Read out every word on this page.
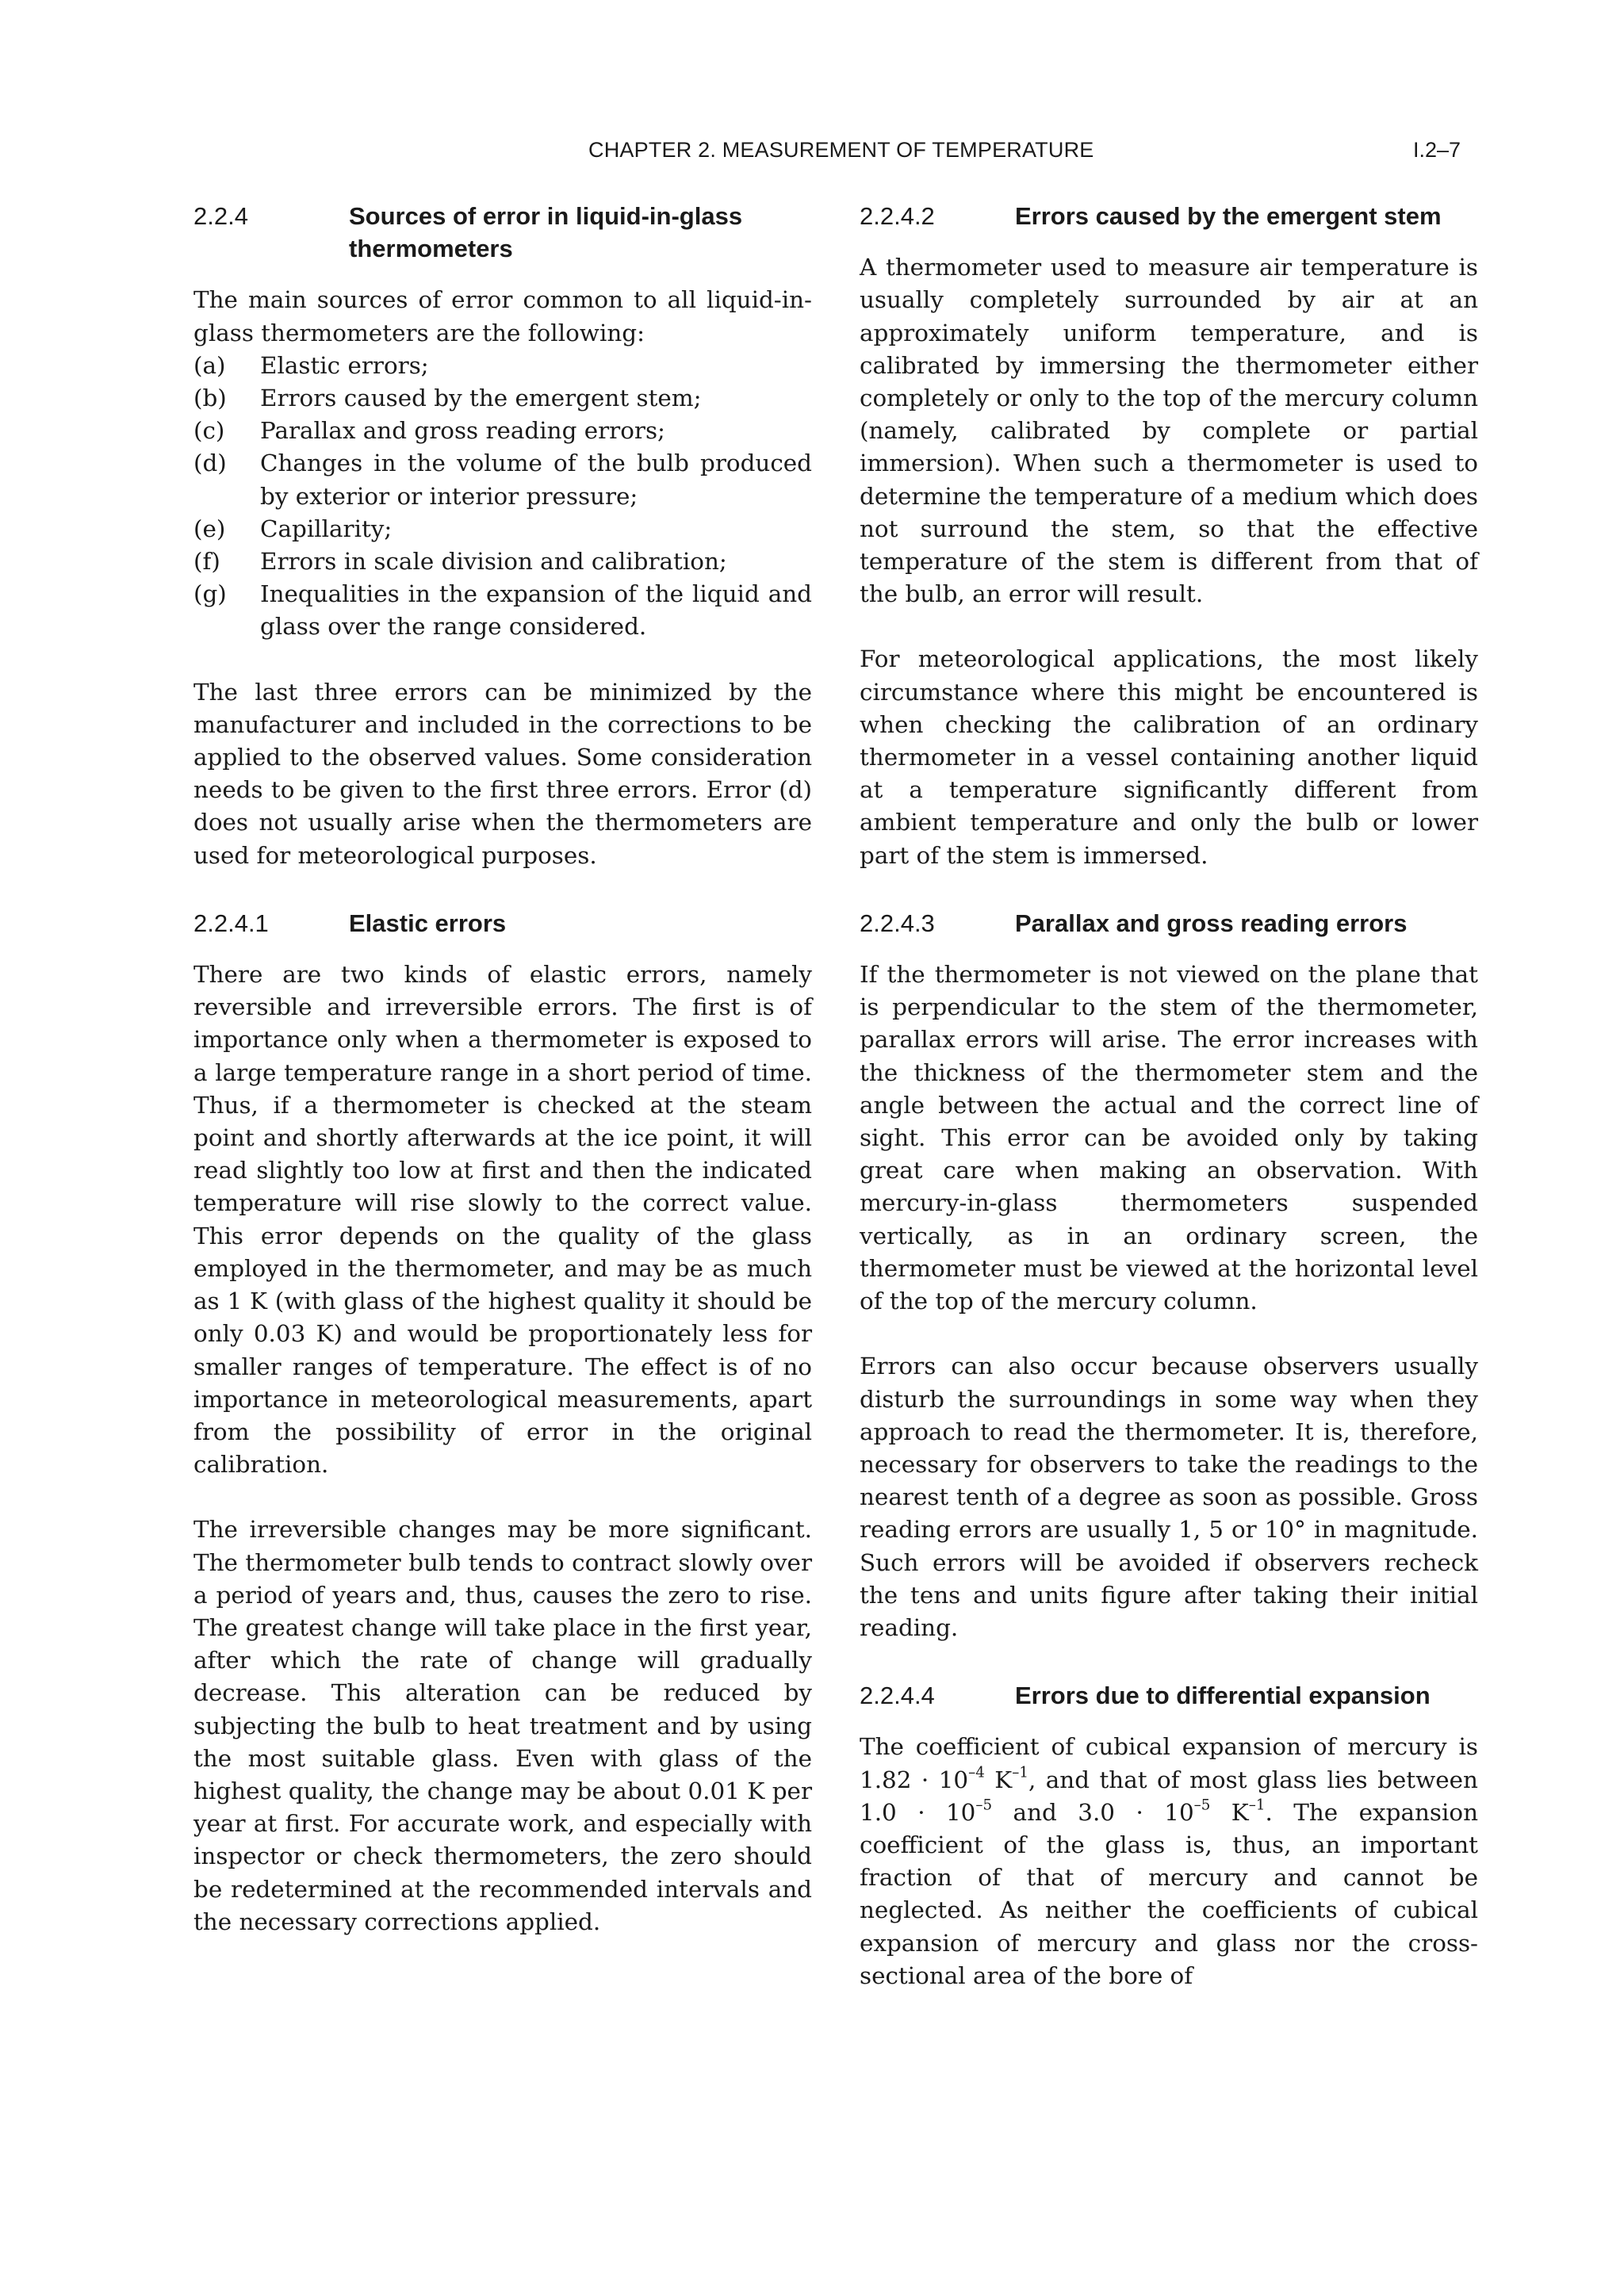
CHAPTER 2. MEASUREMENT OF TEMPERATURE	I.2–7
2.2.4	Sources of error in liquid-in-glass thermometers

The main sources of error common to all liquid-in-glass thermometers are the following:

(a)	Elastic errors;
(b)	Errors caused by the emergent stem;
(c)	Parallax and gross reading errors;
(d)	Changes in the volume of the bulb produced by exterior or interior pressure;
(e)	Capillarity;
(f)	Errors in scale division and calibration;
(g)	Inequalities in the expansion of the liquid and glass over the range considered.

The last three errors can be minimized by the manufacturer and included in the corrections to be applied to the observed values. Some consideration needs to be given to the first three errors. Error (d) does not usually arise when the thermometers are used for meteorological purposes.

2.2.4.1	Elastic errors

There are two kinds of elastic errors, namely reversible and irreversible errors. The first is of importance only when a thermometer is exposed to a large temperature range in a short period of time. Thus, if a thermometer is checked at the steam point and shortly afterwards at the ice point, it will read slightly too low at first and then the indicated temperature will rise slowly to the correct value. This error depends on the quality of the glass employed in the thermometer, and may be as much as 1 K (with glass of the highest quality it should be only 0.03 K) and would be proportionately less for smaller ranges of temperature. The effect is of no importance in meteorological measurements, apart from the possibility of error in the original calibration.

The irreversible changes may be more significant. The thermometer bulb tends to contract slowly over a period of years and, thus, causes the zero to rise. The greatest change will take place in the first year, after which the rate of change will gradually decrease. This alteration can be reduced by subjecting the bulb to heat treatment and by using the most suitable glass. Even with glass of the highest quality, the change may be about 0.01 K per year at first. For accurate work, and especially with inspector or check thermometers, the zero should be redetermined at the recommended intervals and the necessary corrections applied.

2.2.4.2	Errors caused by the emergent stem

A thermometer used to measure air temperature is usually completely surrounded by air at an approximately uniform temperature, and is calibrated by immersing the thermometer either completely or only to the top of the mercury column (namely, calibrated by complete or partial immersion). When such a thermometer is used to determine the temperature of a medium which does not surround the stem, so that the effective temperature of the stem is different from that of the bulb, an error will result.

For meteorological applications, the most likely circumstance where this might be encountered is when checking the calibration of an ordinary thermometer in a vessel containing another liquid at a temperature significantly different from ambient temperature and only the bulb or lower part of the stem is immersed.

2.2.4.3	Parallax and gross reading errors

If the thermometer is not viewed on the plane that is perpendicular to the stem of the thermometer, parallax errors will arise. The error increases with the thickness of the thermometer stem and the angle between the actual and the correct line of sight. This error can be avoided only by taking great care when making an observation. With mercury-in-glass thermometers suspended vertically, as in an ordinary screen, the thermometer must be viewed at the horizontal level of the top of the mercury column.

Errors can also occur because observers usually disturb the surroundings in some way when they approach to read the thermometer. It is, therefore, necessary for observers to take the readings to the nearest tenth of a degree as soon as possible. Gross reading errors are usually 1, 5 or 10° in magnitude. Such errors will be avoided if observers recheck the tens and units figure after taking their initial reading.

2.2.4.4	Errors due to differential expansion

The coefficient of cubical expansion of mercury is $1.82 \cdot 10^{-4}$ $K^{-1}$, and that of most glass lies between $1.0 \cdot 10^{-5}$ and $3.0 \cdot 10^{-5}$ $K^{-1}$. The expansion coefficient of the glass is, thus, an important fraction of that of mercury and cannot be neglected. As neither the coefficients of cubical expansion of mercury and glass nor the cross-sectional area of the bore of
